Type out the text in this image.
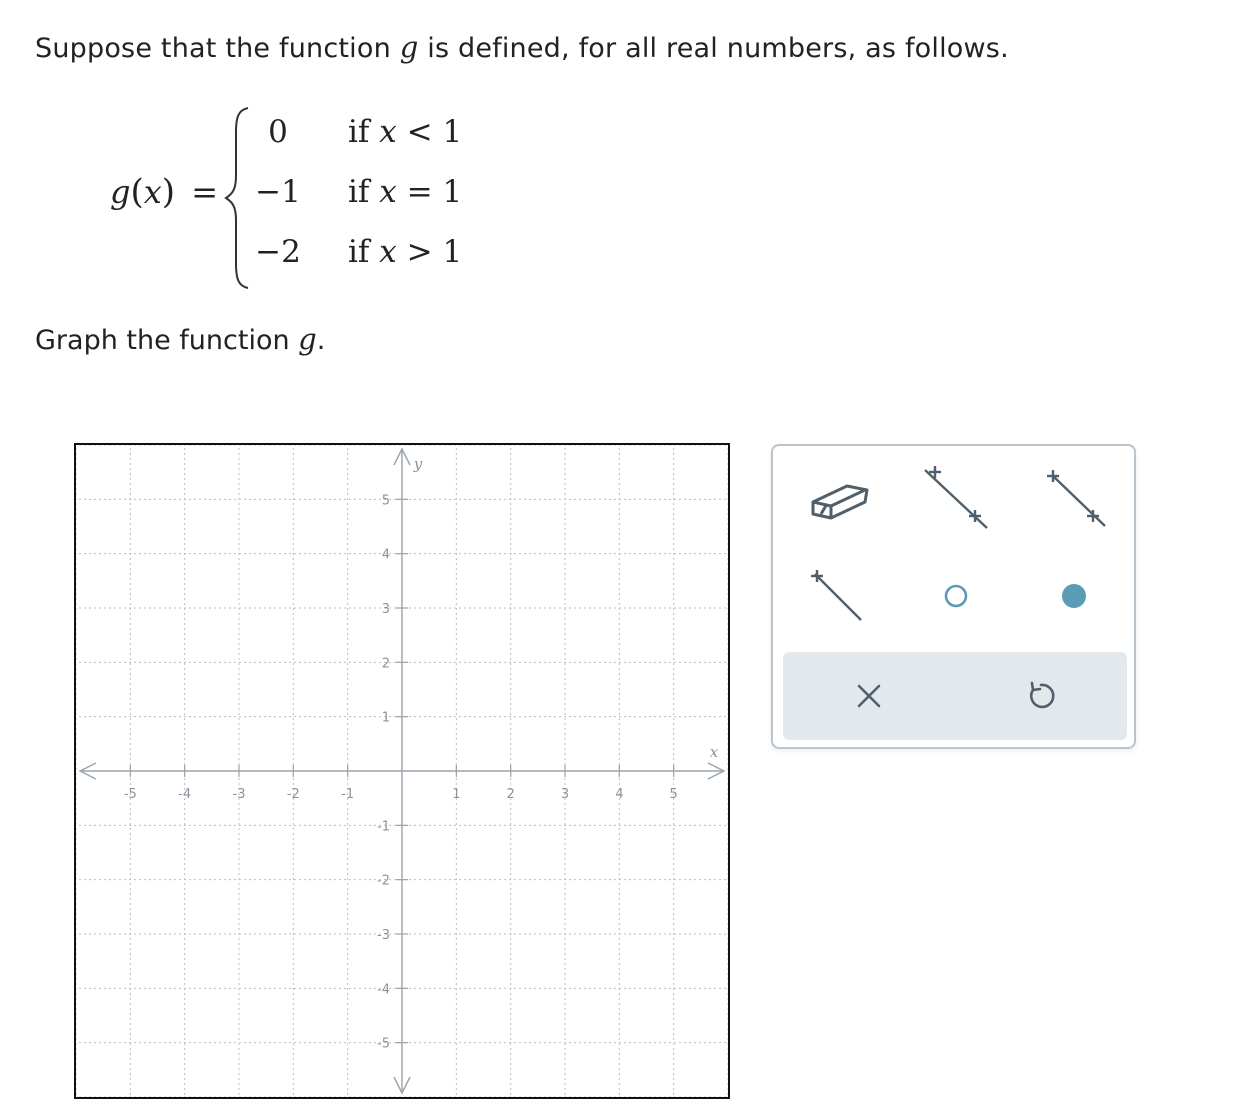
Suppose that the function g is defined, for all real numbers, as follows.
g(x) =
0	if x < 1
−1	if x = 1
−2	if x > 1
Graph the function g.
-5	-4	-3	-2	-1	1	2	3	4	5
5
4
3
2
1
-1
-2
-3
-4
-5
x
y
